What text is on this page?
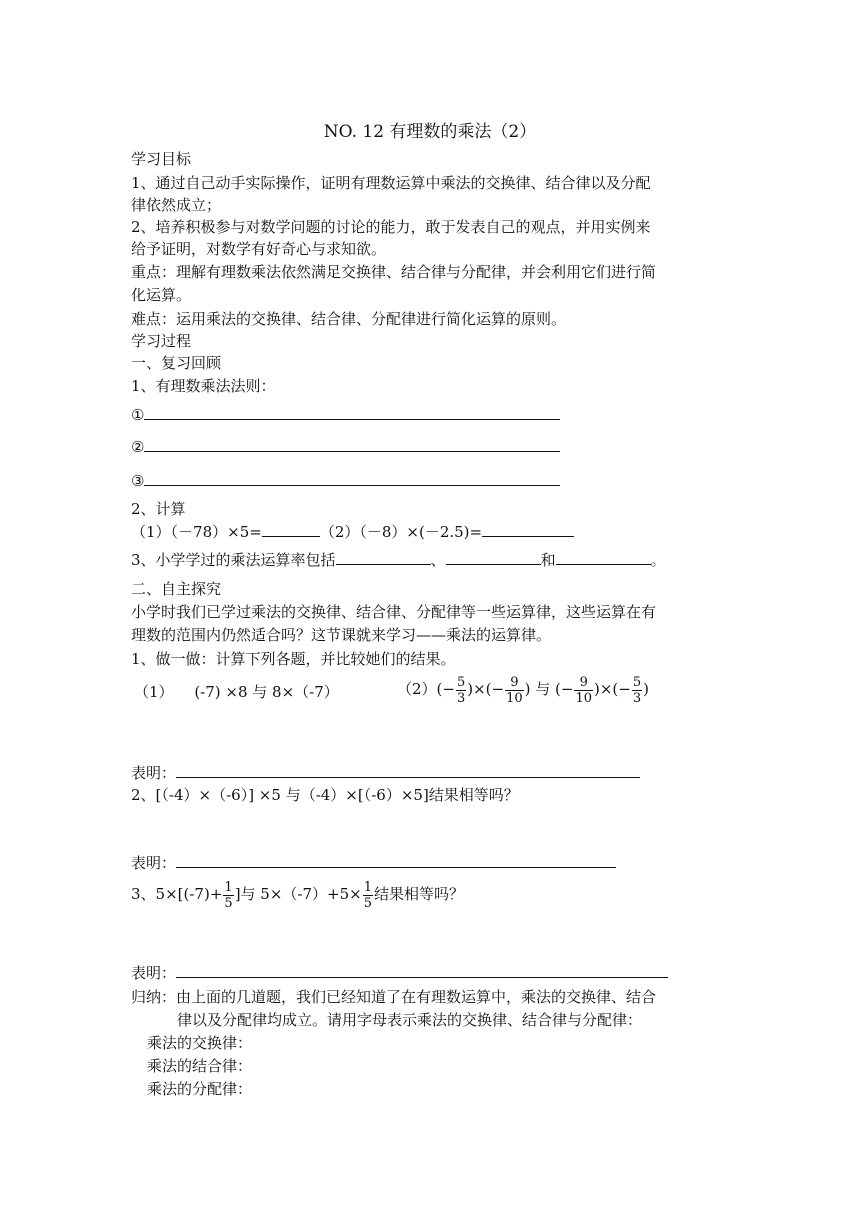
NO. 12 有理数的乘法（2）
学习目标
1、通过自己动手实际操作，证明有理数运算中乘法的交换律、结合律以及分配
律依然成立；
2、培养积极参与对数学问题的讨论的能力，敢于发表自己的观点，并用实例来
给予证明，对数学有好奇心与求知欲。
重点：理解有理数乘法依然满足交换律、结合律与分配律，并会利用它们进行简
化运算。
难点：运用乘法的交换律、结合律、分配律进行简化运算的原则。
学习过程
一、复习回顾
1、有理数乘法法则：
①
②
③
2、计算
（1）（－78）×5=	（2）（－8）×(－2.5)=
3、小学学过的乘法运算率包括	、	和	。
二、自主探究
小学时我们已学过乘法的交换律、结合律、分配律等一些运算律，这些运算在有
理数的范围内仍然适合吗？这节课就来学习——乘法的运算律。
1、做一做：计算下列各题，并比较她们的结果。
（1） (-7) ×8 与 8×（-7）	$(2)(- \frac{5}{3}$ )×(− $\frac{9}{10}$ ) 与 (− $\frac{9}{10}$ )×(− $\frac{5}{3}$ )
表明：
2、[（-4）×（-6）] ×5 与（-4）×[（-6）×5]结果相等吗？
表明：
3、$5\times[(-7)+ \frac{1}{5}$ ]与 $5\times(-7)+5\times \frac{1}{5}$ 结果相等吗？
表明：
归纳：由上面的几道题，我们已经知道了在有理数运算中，乘法的交换律、结合
律以及分配律均成立。请用字母表示乘法的交换律、结合律与分配律：
乘法的交换律：
乘法的结合律：
乘法的分配律：
